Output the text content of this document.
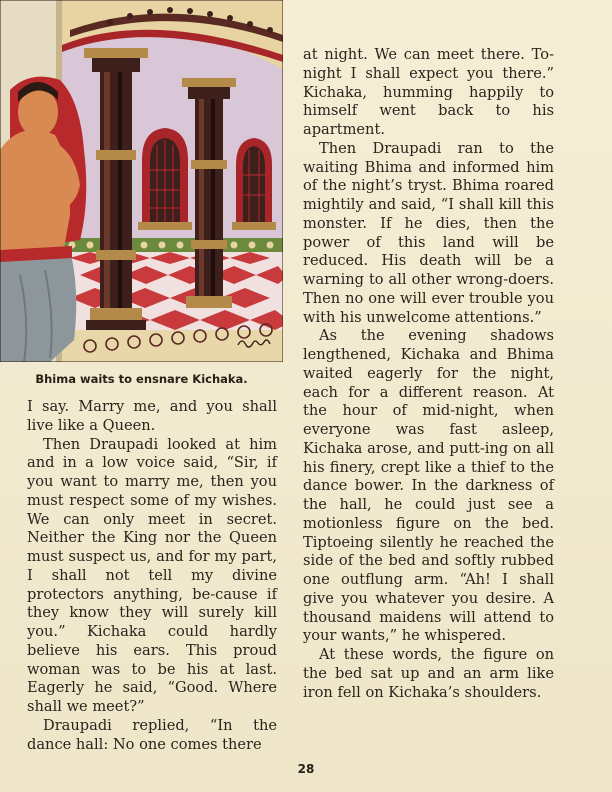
Bhima waits to ensnare Kichaka.

I say. Marry me, and you shall live like a Queen.

Then Draupadi looked at him and in a low voice said, “Sir, if you want to marry me, then you must respect some of my wishes. We can only meet in secret. Neither the King nor the Queen must suspect us, and for my part, I shall not tell my divine protectors anything, be-cause if they know they will surely kill you.” Kichaka could hardly believe his ears. This proud woman was to be his at last. Eagerly he said, “Good. Where shall we meet?”

Draupadi replied, “In the dance hall: No one comes there

at night. We can meet there. To-night I shall expect you there.” Kichaka, humming happily to himself went back to his apartment.

Then Draupadi ran to the waiting Bhima and informed him of the night’s tryst. Bhima roared mightily and said, “I shall kill this monster. If he dies, then the power of this land will be reduced. His death will be a warning to all other wrong-doers. Then no one will ever trouble you with his unwelcome attentions.”

As the evening shadows lengthened, Kichaka and Bhima waited eagerly for the night, each for a different reason. At the hour of mid-night, when everyone was fast asleep, Kichaka arose, and putt-ing on all his finery, crept like a thief to the dance bower. In the darkness of the hall, he could just see a motionless figure on the bed. Tiptoeing silently he reached the side of the bed and softly rubbed one outflung arm. “Ah! I shall give you whatever you desire. A thousand maidens will attend to your wants,” he whispered.

At these words, the figure on the bed sat up and an arm like iron fell on Kichaka’s shoulders.

28
